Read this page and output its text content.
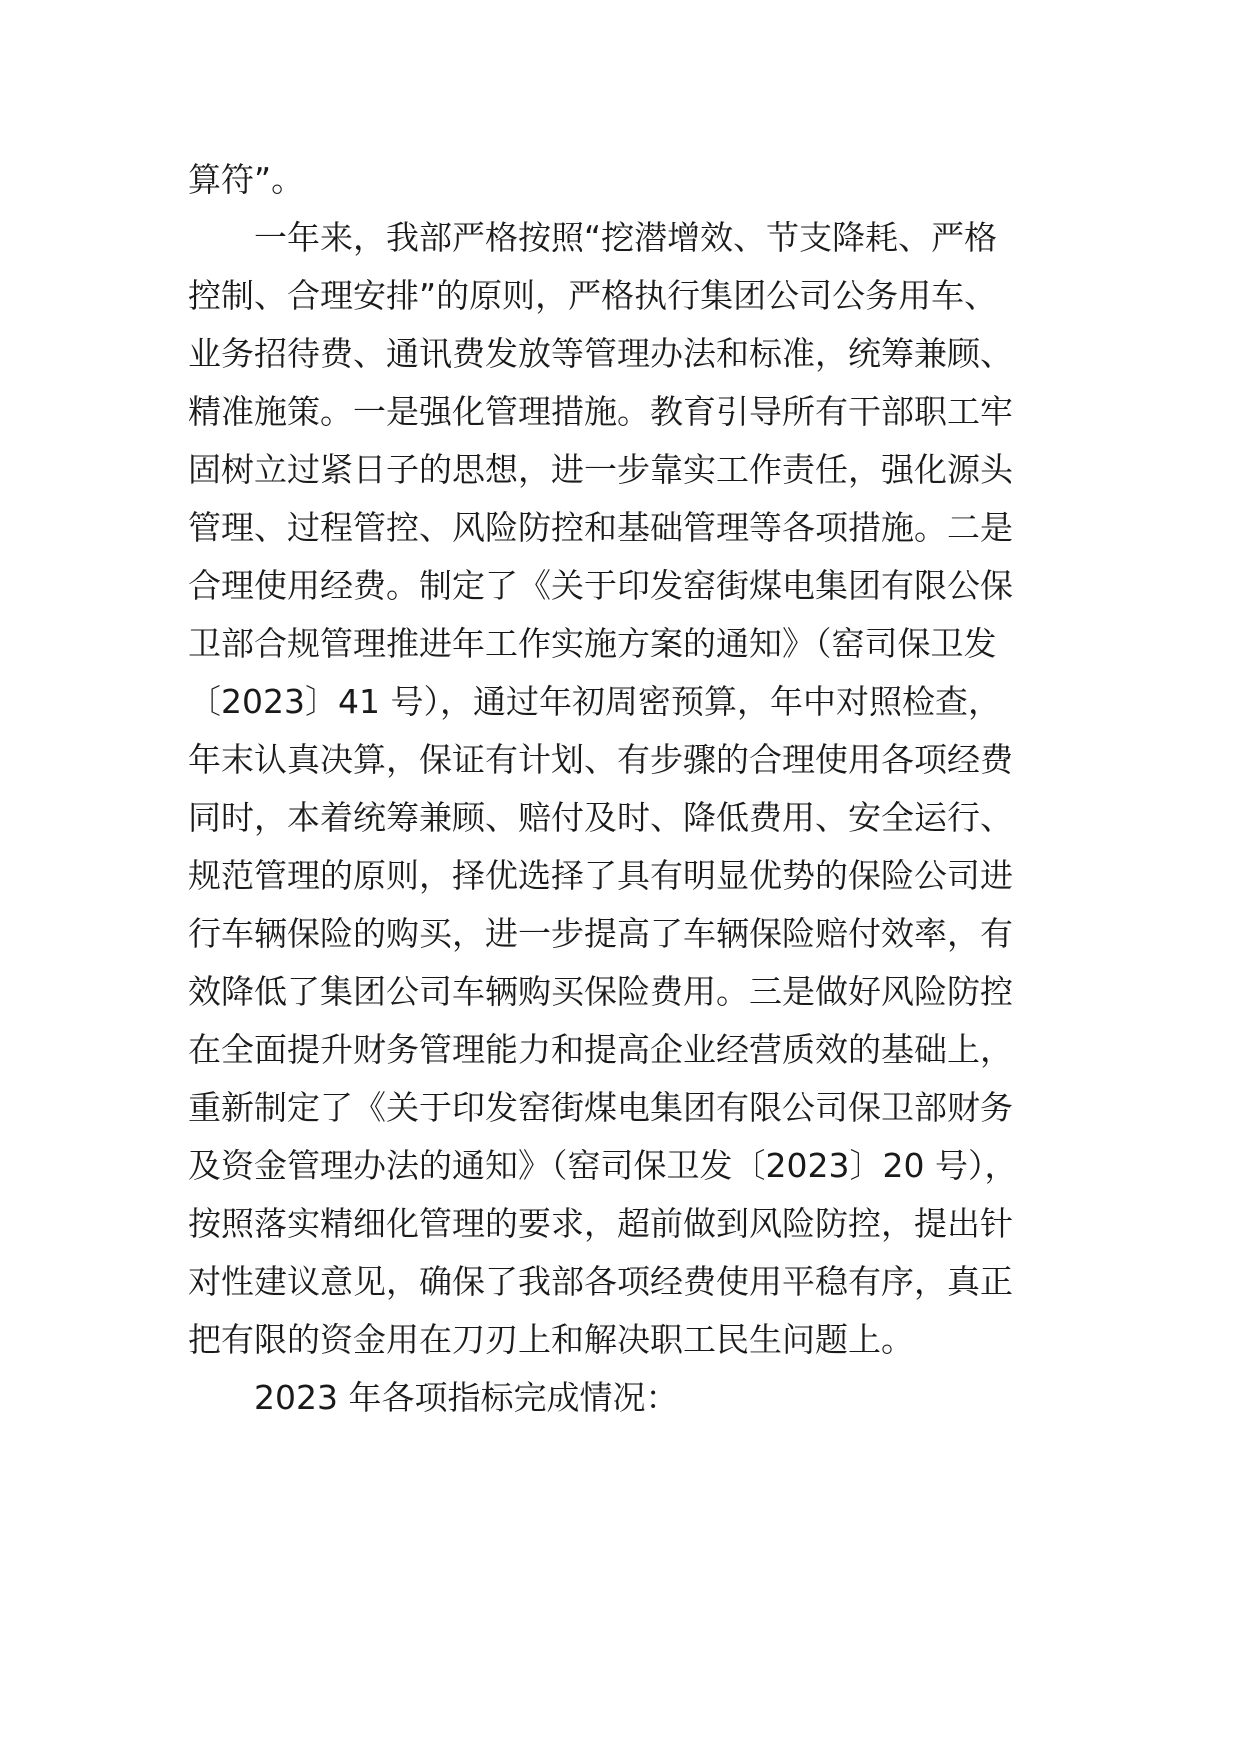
算符”。
一年来，我部严格按照“挖潜增效、节支降耗、严格
控制、合理安排”的原则，严格执行集团公司公务用车、
业务招待费、通讯费发放等管理办法和标准，统筹兼顾、
精准施策。一是强化管理措施。教育引导所有干部职工牢
固树立过紧日子的思想，进一步靠实工作责任，强化源头
管理、过程管控、风险防控和基础管理等各项措施。二是
合理使用经费。制定了《关于印发窑街煤电集团有限公保
卫部合规管理推进年工作实施方案的通知》（窑司保卫发
〔2023〕41 号），通过年初周密预算，年中对照检查，
年末认真决算，保证有计划、有步骤的合理使用各项经费
同时，本着统筹兼顾、赔付及时、降低费用、安全运行、
规范管理的原则，择优选择了具有明显优势的保险公司进
行车辆保险的购买，进一步提高了车辆保险赔付效率，有
效降低了集团公司车辆购买保险费用。三是做好风险防控
在全面提升财务管理能力和提高企业经营质效的基础上，
重新制定了《关于印发窑街煤电集团有限公司保卫部财务
及资金管理办法的通知》（窑司保卫发〔2023〕20 号），
按照落实精细化管理的要求，超前做到风险防控，提出针
对性建议意见，确保了我部各项经费使用平稳有序，真正
把有限的资金用在刀刃上和解决职工民生问题上。
2023 年各项指标完成情况：
